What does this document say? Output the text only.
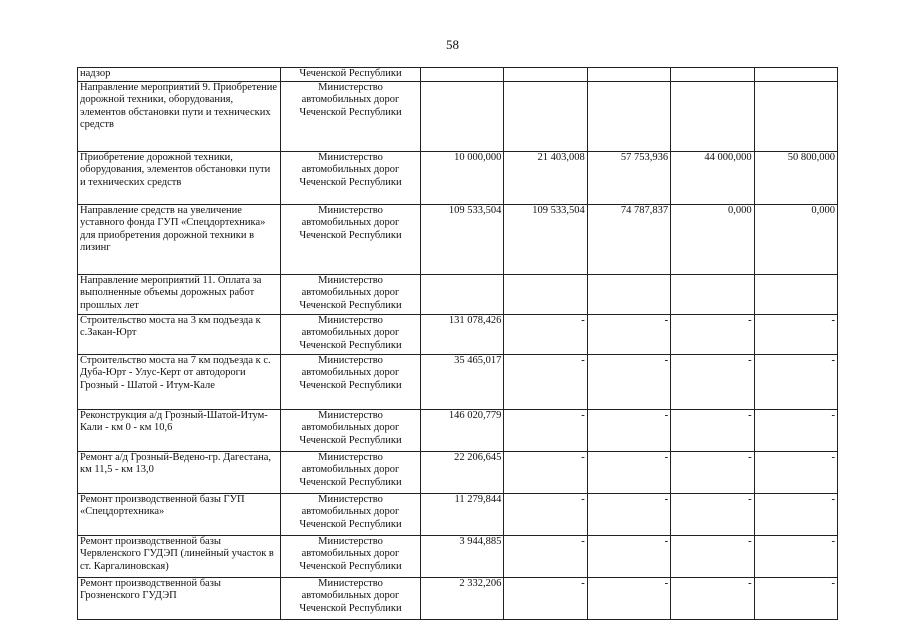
58
надзор	Чеченской Республики					
Направление мероприятий 9. Приобретение дорожной техники, оборудования, элементов обстановки пути и технических средств	Министерство автомобильных дорог Чеченской Республики					
Приобретение дорожной техники, оборудования, элементов обстановки пути и технических средств	Министерство автомобильных дорог Чеченской Республики	10 000,000	21 403,008	57 753,936	44 000,000	50 800,000
Направление средств на увеличение уставного фонда ГУП «Спецдортехника» для приобретения дорожной техники в лизинг	Министерство автомобильных дорог Чеченской Республики	109 533,504	109 533,504	74 787,837	0,000	0,000
Направление мероприятий 11. Оплата за выполненные объемы дорожных работ прошлых лет	Министерство автомобильных дорог Чеченской Республики					
Строительство моста на 3 км подъезда к с.Закан-Юрт	Министерство автомобильных дорог Чеченской Республики	131 078,426	-	-	-	-
Строительство моста на 7 км подъезда к с. Дуба-Юрт - Улус-Керт от автодороги Грозный - Шатой - Итум-Кале	Министерство автомобильных дорог Чеченской Республики	35 465,017	-	-	-	-
Реконструкция а/д Грозный-Шатой-Итум-Кали - км 0 - км 10,6	Министерство автомобильных дорог Чеченской Республики	146 020,779	-	-	-	-
Ремонт а/д Грозный-Ведено-гр. Дагестана, км 11,5 - км 13,0	Министерство автомобильных дорог Чеченской Республики	22 206,645	-	-	-	-
Ремонт производственной базы ГУП «Спецдортехника»	Министерство автомобильных дорог Чеченской Республики	11 279,844	-	-	-	-
Ремонт производственной базы Червленского ГУДЭП (линейный участок в ст. Каргалиновская)	Министерство автомобильных дорог Чеченской Республики	3 944,885	-	-	-	-
Ремонт производственной базы Грозненского ГУДЭП	Министерство автомобильных дорог Чеченской Республики	2 332,206	-	-	-	-
